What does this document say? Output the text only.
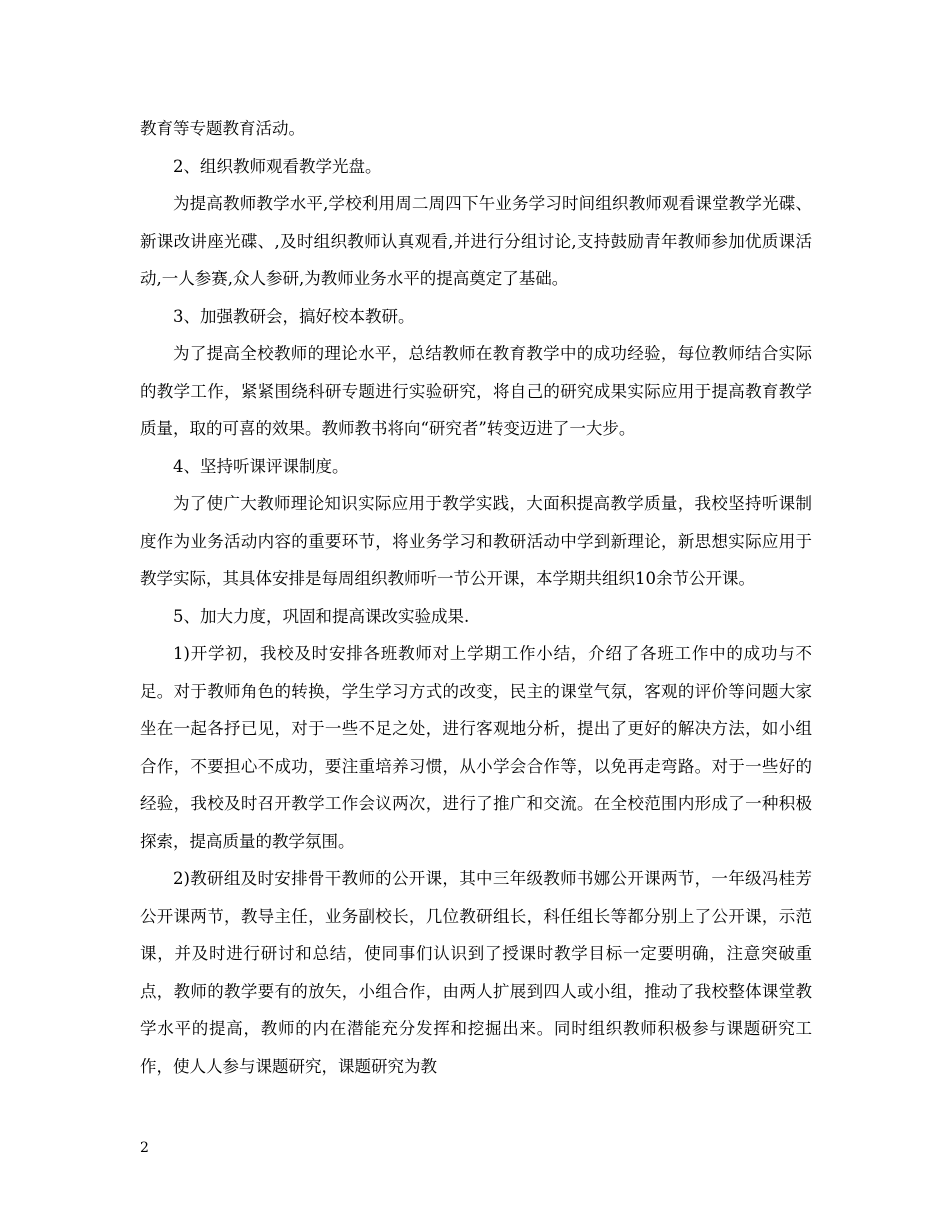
教育等专题教育活动。

2、组织教师观看教学光盘。

为提高教师教学水平,学校利用周二周四下午业务学习时间组织教师观看课堂教学光碟、新课改讲座光碟、,及时组织教师认真观看,并进行分组讨论,支持鼓励青年教师参加优质课活动,一人参赛,众人参研,为教师业务水平的提高奠定了基础。

3、加强教研会，搞好校本教研。

为了提高全校教师的理论水平，总结教师在教育教学中的成功经验，每位教师结合实际的教学工作，紧紧围绕科研专题进行实验研究，将自己的研究成果实际应用于提高教育教学质量，取的可喜的效果。教师教书将向“研究者”转变迈进了一大步。

4、坚持听课评课制度。

为了使广大教师理论知识实际应用于教学实践，大面积提高教学质量，我校坚持听课制度作为业务活动内容的重要环节，将业务学习和教研活动中学到新理论，新思想实际应用于教学实际，其具体安排是每周组织教师听一节公开课，本学期共组织10余节公开课。

5、加大力度，巩固和提高课改实验成果.

1)开学初，我校及时安排各班教师对上学期工作小结，介绍了各班工作中的成功与不足。对于教师角色的转换，学生学习方式的改变，民主的课堂气氛，客观的评价等问题大家坐在一起各抒已见，对于一些不足之处，进行客观地分析，提出了更好的解决方法，如小组合作，不要担心不成功，要注重培养习惯，从小学会合作等，以免再走弯路。对于一些好的经验，我校及时召开教学工作会议两次，进行了推广和交流。在全校范围内形成了一种积极探索，提高质量的教学氛围。

2)教研组及时安排骨干教师的公开课，其中三年级教师书娜公开课两节，一年级冯桂芳公开课两节，教导主任，业务副校长，几位教研组长，科任组长等都分别上了公开课，示范课，并及时进行研讨和总结，使同事们认识到了授课时教学目标一定要明确，注意突破重点，教师的教学要有的放矢，小组合作，由两人扩展到四人或小组，推动了我校整体课堂教学水平的提高，教师的内在潜能充分发挥和挖掘出来。同时组织教师积极参与课题研究工作，使人人参与课题研究，课题研究为教

2
